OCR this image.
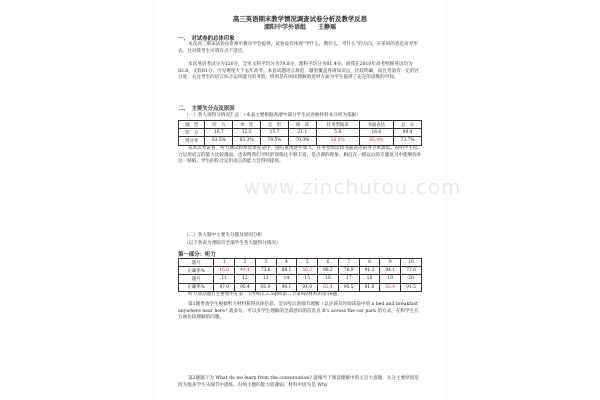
高三英语期末教学情况调查试卷分析及教学反思
溧阳中学外语组　　王静瑶
一、　对试卷的总体印象
本次高三期末试卷由常州市教育学会提供，试卷没有体现“学什么，教什么，考什么”的方向，应采用的也是高考形式，这对我考生可谓有点不适应。
本次英语考试分为120分，全市文科平均分为79.8分，理科平均分为81.4分。而我在2010年高考照顾英语均为83.8，文科81分，可见难度大于去年高考。本套试题语言规范，题型覆盖各项知识点，比较明确，而且考量有一定的区分度；关注考生的语言综合运用能力的考察，特别是在阅读理解的选材方面为学生提供了充足的思维的空间。
二、　主要失分点及原因
（一）各大项得分情况汇总：（本表主要根据查溧中部分学生试卷抽样样本分析为依据）
题　型	听　力	单　选	完　形	阅　读	任务型阅读	书面表达	总　分
均　分	16.7	12.5	15.7	21.1	5.8	16.6	88.4
得分率	83.5%	83.3%	78.5%	70.3%	58.0%	66.4%	73.7%
从本次考试看，听力测试和单选难度适中，随后难度逐步加大，任务型阅读和书面表达的得分率最低。说明学生综合运用语言的能力比较薄弱，也说明我们平时的训练还不够丰富，是点课的现象，相信在一模以后的专题复习中能够弥补这一缺陷。学生的综合运用语言的能力会得到提高。
（二）各大题中主要失分题及原因分析
（以下各表为溧阳市全部学生各大题得分情况）
第一部分：听力
题号	1	2	3	4	5	6	7	8	9	10
正确率%	16.0	49.4	73.6	68.1	50.2	88.2	76.9	91.2	94.1	77.6
题号	11	12	13	14	15	16	17	18	19	20
正确率%	97.0	95.4	81.9	90.1	91.0	62.4	95.5	91.8	55.4	91.5
听力部分题目主要集中在第一节中的1,2,5题和第二节第9段材料的第16题。
第1题考查学生根据听力材料获得具体信息，非实听后的细节理解（以应该及时阅读前中的 a bed and breakfast anywhere near here? 就多句，可以多学生理解的全部意识的信息点 It's across the car park 的方式，在和学生在方面比较理解的问题。
第2题题干为 What do we learn from the conversation? 就相当于阅读理解中的主旨大意题，失分主要原因是因为很多学生从细节中提炼、归纳主题的能力较薄弱，材料中因为是 Why
www.zinchutou.com
